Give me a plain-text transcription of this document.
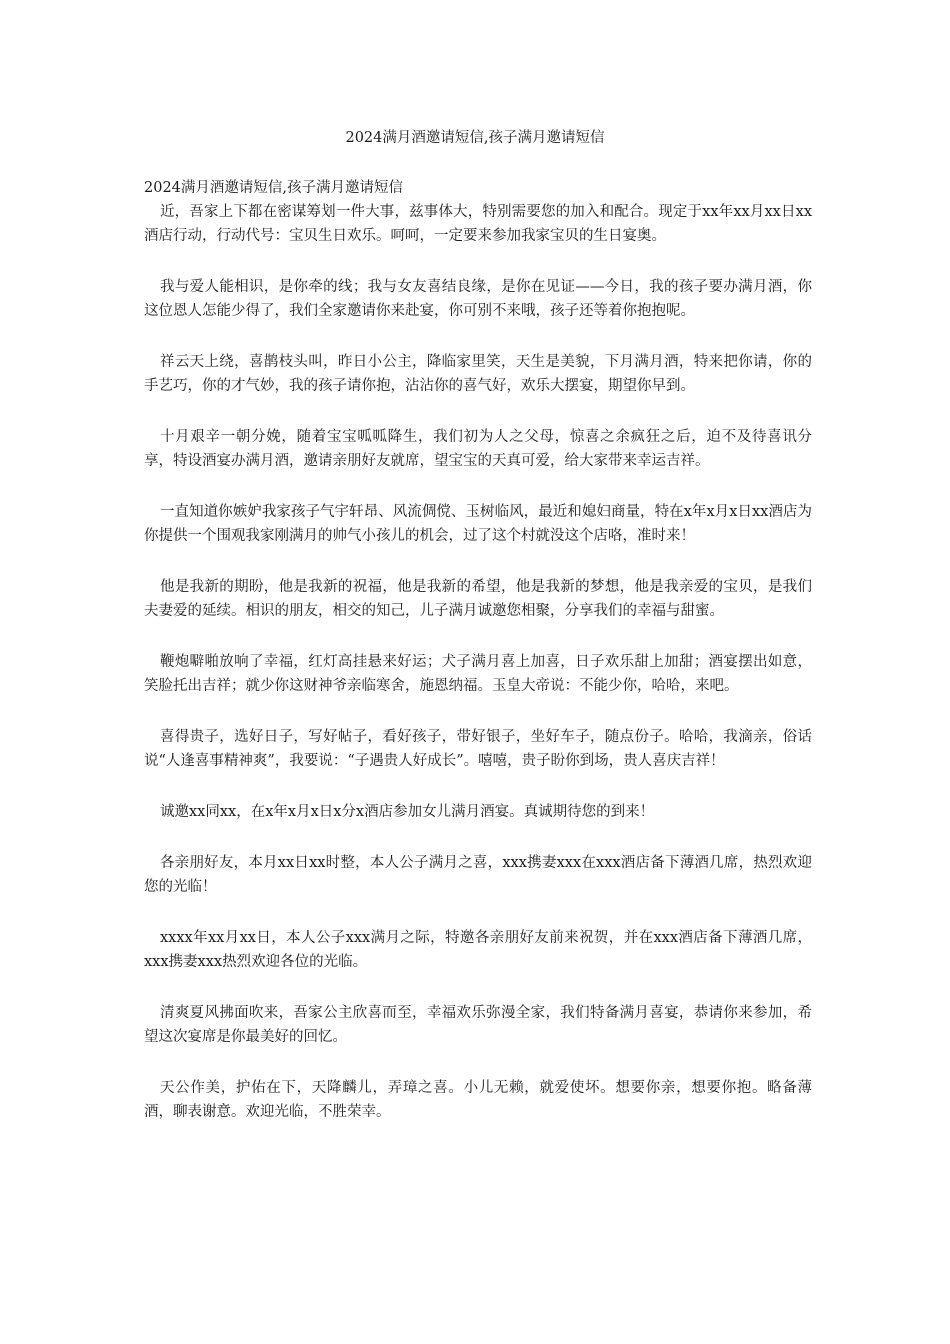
2024满月酒邀请短信,孩子满月邀请短信

2024满月酒邀请短信,孩子满月邀请短信

近，吾家上下都在密谋筹划一件大事，兹事体大，特别需要您的加入和配合。现定于xx年xx月xx日xx酒店行动，行动代号：宝贝生日欢乐。呵呵，一定要来参加我家宝贝的生日宴奥。

我与爱人能相识，是你牵的线；我与女友喜结良缘，是你在见证——今日，我的孩子要办满月酒，你这位恩人怎能少得了，我们全家邀请你来赴宴，你可别不来哦，孩子还等着你抱抱呢。

祥云天上绕，喜鹊枝头叫，昨日小公主，降临家里笑，天生是美貌，下月满月酒，特来把你请，你的手艺巧，你的才气妙，我的孩子请你抱，沾沾你的喜气好，欢乐大摆宴，期望你早到。

十月艰辛一朝分娩，随着宝宝呱呱降生，我们初为人之父母，惊喜之余疯狂之后，迫不及待喜讯分享，特设酒宴办满月酒，邀请亲朋好友就席，望宝宝的天真可爱，给大家带来幸运吉祥。

一直知道你嫉妒我家孩子气宇轩昂、风流倜傥、玉树临风，最近和媳妇商量，特在x年x月x日xx酒店为你提供一个围观我家刚满月的帅气小孩儿的机会，过了这个村就没这个店咯，准时来！

他是我新的期盼，他是我新的祝福，他是我新的希望，他是我新的梦想，他是我亲爱的宝贝，是我们夫妻爱的延续。相识的朋友，相交的知己，儿子满月诚邀您相聚，分享我们的幸福与甜蜜。

鞭炮噼啪放响了幸福，红灯高挂悬来好运；犬子满月喜上加喜，日子欢乐甜上加甜；酒宴摆出如意，笑脸托出吉祥；就少你这财神爷亲临寒舍，施恩纳福。玉皇大帝说：不能少你，哈哈，来吧。

喜得贵子，选好日子，写好帖子，看好孩子，带好银子，坐好车子，随点份子。哈哈，我滴亲，俗话说“人逢喜事精神爽”，我要说：“子遇贵人好成长”。嘻嘻，贵子盼你到场，贵人喜庆吉祥！

诚邀xx同xx，在x年x月x日x分x酒店参加女儿满月酒宴。真诚期待您的到来！

各亲朋好友，本月xx日xx时整，本人公子满月之喜，xxx携妻xxx在xxx酒店备下薄酒几席，热烈欢迎您的光临！

xxxx年xx月xx日，本人公子xxx满月之际，特邀各亲朋好友前来祝贺，并在xxx酒店备下薄酒几席，xxx携妻xxx热烈欢迎各位的光临。

清爽夏风拂面吹来，吾家公主欣喜而至，幸福欢乐弥漫全家，我们特备满月喜宴，恭请你来参加，希望这次宴席是你最美好的回忆。

天公作美，护佑在下，天降麟儿，弄璋之喜。小儿无赖，就爱使坏。想要你亲，想要你抱。略备薄酒，聊表谢意。欢迎光临，不胜荣幸。
